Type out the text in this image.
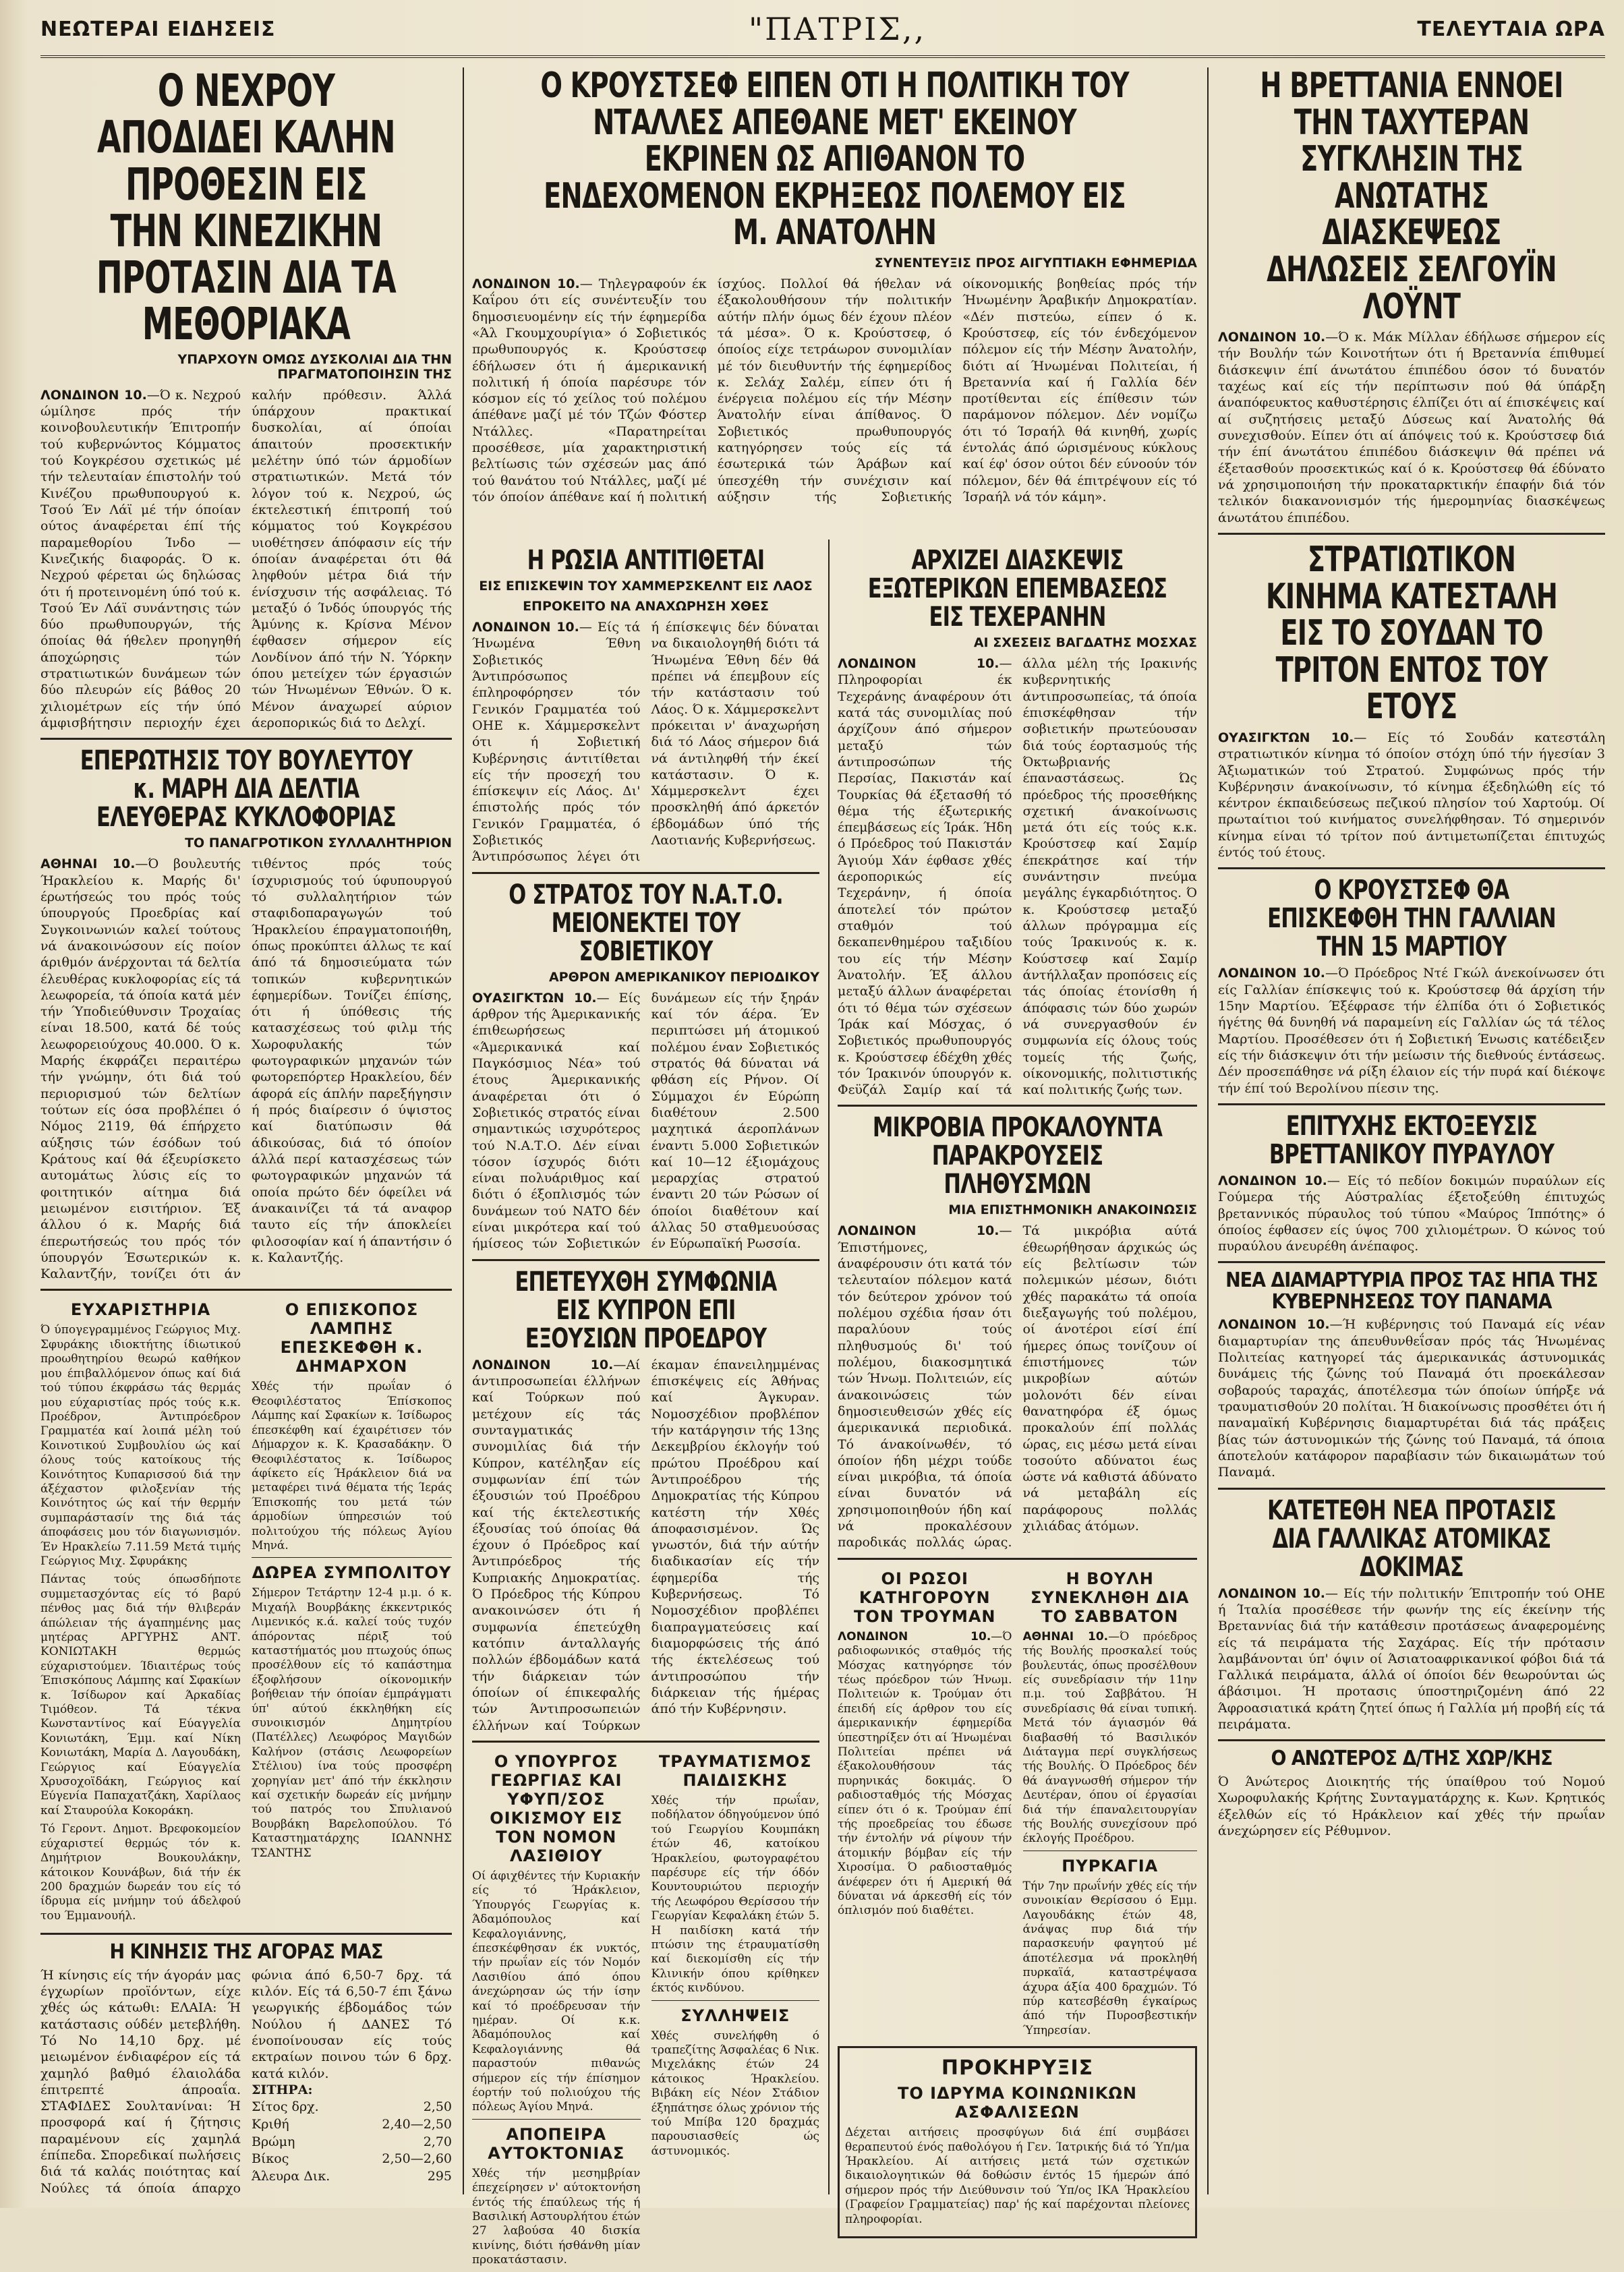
ΝΕΩΤΕΡΑΙ ΕΙΔΗΣΕΙΣ	"ΠΑΤΡΙΣ,,	ΤΕΛΕΥΤΑΙΑ ΩΡΑ
Ο ΝΕΧΡΟΥ ΑΠΟΔΙΔΕΙ ΚΑΛΗΝ ΠΡΟΘΕΣΙΝ ΕΙΣ ΤΗΝ ΚΙΝΕΖΙΚΗΝ ΠΡΟΤΑΣΙΝ ΔΙΑ ΤΑ ΜΕΘΟΡΙΑΚΑ
ΥΠΑΡΧΟΥΝ ΟΜΩΣ ΔΥΣΚΟΛΙΑΙ ΔΙΑ ΤΗΝ ΠΡΑΓΜΑΤΟΠΟΙΗΣΙΝ ΤΗΣ
ΛΟΝΔΙΝΟΝ 10.—Ό κ. Νεχρού ώμίλησε πρός τήν κοινοβουλευτικήν Έπιτροπήν τού κυβερνώντος Κόμματος τού Κογκρέσου σχετικώς μέ τήν τελευταίαν έπιστολήν τού Κινέζου πρωθυπουργού κ. Τσού Έν Λάϊ μέ τήν όποίαν ούτος άναφέρεται έπί τής παραμεθορίου Ίνδο — Κινεζικής διαφοράς. Ό κ. Νεχρού φέρεται ώς δηλώσας ότι ή προτεινομένη ύπό τού κ. Τσού Έν Λάϊ συνάντησις τών δύο πρωθυπουργών, τής όποίας θά ήθελεν προηγηθή άποχώρησις τών στρατιωτικών δυνάμεων τών δύο πλευρών είς βάθος 20 χιλιομέτρων είς τήν ύπό άμφισβήτησιν περιοχήν έχει καλήν πρόθεσιν. Άλλά ύπάρχουν πρακτικαί δυσκολίαι, αί όποίαι άπαιτούν προσεκτικήν μελέτην ύπό τών άρμοδίων στρατιωτικών. Μετά τόν λόγον τού κ. Νεχρού, ώς έκτελεστική έπιτροπή τού κόμματος τού Κογκρέσου υιοθέτησεν άπόφασιν είς τήν όποίαν άναφέρεται ότι θά ληφθούν μέτρα διά τήν ένίσχυσιν τής ασφάλειας. Τό μεταξύ ό Ίνδός ύπουργός τής Άμύνης κ. Κρίσνα Μένον έφθασεν σήμερον είς Λονδίνον άπό τήν Ν. Ύόρκην όπου μετείχεν τών έργασιών τών Ήνωμένων Έθνών. Ό κ. Μένον άναχωρεί αύριον άεροπορικώς διά το Δελχί.
ΕΠΕΡΩΤΗΣΙΣ ΤΟΥ ΒΟΥΛΕΥΤΟΥ κ. ΜΑΡΗ ΔΙΑ ΔΕΛΤΙΑ ΕΛΕΥΘΕΡΑΣ ΚΥΚΛΟΦΟΡΙΑΣ
ΤΟ ΠΑΝΑΓΡΟΤΙΚΟΝ ΣΥΛΛΑΛΗΤΗΡΙΟΝ
ΑΘΗΝΑΙ 10.—Ό βουλευτής Ήρακλείου κ. Μαρής δι' έρωτήσεώς του πρός τούς ύπουργούς Πρoεδρίας καί Συγκοινωνιών καλεί τούτους νά άνακοινώσουν είς ποίον άριθμόν άνέρχονται τά δελτία έλευθέρας κυκλοφορίας είς τά λεωφορεία, τά όποία κατά μέν τήν Ύποδιεύθυνσιν Τροχαίας είναι 18.500, κατά δέ τούς λεωφορειούχους 40.000. Ό κ. Μαρής έκφράζει περαιτέρω τήν γνώμην, ότι διά τού περιορισμού τών δελτίων τούτων είς όσα προβλέπει ό Νόμος 2119, θά έπήρχετο αύξησις τών έσόδων τού Κράτους καί θά έξευρίσκετο αυτομάτως λύσις είς το φοιτητικόν αίτημα διά μειωμένον εισιτήριον. Έξ άλλου ό κ. Μαρής διά έπερωτήσεώς του πρός τόν ύπουργόν Έσωτερικών κ. Καλαντζήν, τονίζει ότι άν τιθέντος πρός τούς ίσχυρισμούς τού ύφυπουργού τό συλλαλητήριον τών σταφιδοπαραγωγών τού Ήρακλείου έπραγματοποιήθη, όπως προκύπτει άλλως τε καί άπό τά δημοσιεύματα τών τοπικών κυβερνητικών έφημερίδων. Τονίζει έπίσης, ότι ή ύπόθεσις τής κατασχέσεως τού φιλμ τής Χωροφυλακής τών φωτογραφικών μηχανών τών φωτορεπόρτερ Ηρακλείου, δέν άφορά είς άπλήν παρεξήγησιν ή πρός διαίρεσιν ό ύψιστος καί διατύπωσιν θά άδικούσας, διά τό όποίον άλλά περί κατασχέσεως τών φωτογραφικών μηχανών τά οποία πρώτο δέν όφείλει νά άνακαινίζει τά τά αναφορ ταυτο είς τήν άποκλείει φιλοσοφίαν καί ή άπαντήσιν ό κ. Καλαντζής.
ΕΥΧΑΡΙΣΤΗΡΙΑ
Ό ύπογεγραμμένος Γεώργιος Μιχ. Σφυράκης ιδιοκτήτης ίδιωτικού προωθητηρίου θεωρώ καθήκον μου έπιβαλλόμενον όπως καί διά τού τύπου έκφράσω τάς θερμάς μου εύχαριστίας πρός τούς κ.κ. Προέδρον, Άντιπρόεδρον Γραμματέα καί λοιπά μέλη τού Κοινοτικού Συμβουλίου ώς καί όλους τούς κατοίκους τής Κοινότητος Κυπαρισσού διά την άξέχαστον φιλοξενίαν τής Κοινότητος ώς καί τήν θερμήν συμπαράστασίν της διά τάς άποφάσεις μου τόν διαγωνισμόν. Έν Ηρακλείω 7.11.59 Μετά τιμής Γεώργιος Μιχ. Σφυράκης
Πάντας τούς όπωσδήποτε συμμετασχόντας είς τό βαρύ πένθος μας διά τήν θλιβεράν άπώλειαν τής άγαπημένης μας μητέρας ΑΡΓΥΡΗΣ ΑΝΤ. ΚΟΝΙΩΤΑΚΗ θερμώς εύχαριστούμεν. Ίδιαιτέρως τούς Έπισκόπους Λάμπης καί Σφακίων κ. Ίσίδωρον καί Άρκαδίας Τιμόθεον. Τά τέκνα Κωνσταντίνος καί Εύαγγελία Κονιωτάκη, Έμμ. καί Νίκη Κονιωτάκη, Μαρία Δ. Λαγουδάκη, Γεώργιος καί Εύαγγελία Χρυσοχοϊδάκη, Γεώργιος καί Εύγενία Παπαχατζάκη, Χαρίλαος καί Σταυρούλα Κοκοράκη.
Τό Γεροντ. Δημοτ. Βρεφοκομείον εύχαριστεί θερμώς τόν κ. Δημήτριον Βουκουλάκην, κάτοικον Κουνάβων, διά τήν έκ 200 δραχμών δωρεάν του είς τό ίδρυμα είς μνήμην τού άδελφού του Έμμανουήλ.
Ο ΕΠΙΣΚΟΠΟΣ ΛΑΜΠΗΣ ΕΠΕΣΚΕΦΘΗ κ. ΔΗΜΑΡΧΟΝ
Χθές τήν πρωΐαν ό Θεοφιλέστατος Έπίσκοπος Λάμπης καί Σφακίων κ. Ίσίδωρος έπεσκέφθη καί έχαιρέτισεν τόν Δήμαρχον κ. Κ. Κρασαδάκην. Ό Θεοφιλέστατος κ. Ίσίδωρος άφίκετο είς Ήράκλειον διά να μεταφέρει τινά θέματα τής Ίεράς Έπισκοπής του μετά τών άρμοδίων ύπηρεσιών τού πολιτούχου τής πόλεως Άγίου Μηνά.
ΔΩΡΕΑ ΣΥΜΠΟΛΙΤΟΥ
Σήμερον Τετάρτην 12-4 μ.μ. ό κ. Μιχαήλ Βουρβάκης έκκεντρικός Λιμενικός κ.ά. καλεί τούς τυχόν άπόροντας πέριξ τού καταστήματός μου πτωχούς όπως προσέλθουν είς τό καπάστημα έξοφλήσουν οίκονομικήν βοήθειαν τήν όποίαν έμπράγματι ύπ' αύτού έκκληθήκη είς συνοικισμόν Δημητρίου (Πατέλλες) Λεωφόρος Μαγιδών Καλήνον (στάσις Λεωφορείων Στέλιου) ίνα τούς προσφέρη χορηγίαν μετ' άπό τήν έκκλησιν καί σχετικήν δωρεάν είς μνήμην τού πατρός του Σπυλιανού Βουρβάκη Βαρελοπούλου. Τό Καταστηματάρχης ΙΩΑΝΝΗΣ ΤΣΑΝΤΗΣ
Η ΚΙΝΗΣΙΣ ΤΗΣ ΑΓΟΡΑΣ ΜΑΣ
Ή κίνησις είς τήν άγοράν μας έγχωρίων προϊόντων, είχε χθές ώς κάτωθι: ΕΛΑΙΑ: Ή κατάστασις ούδέν μετεβλήθη. Τό Νο 14,10 δρχ. μέ μειωμένον ένδιαφέρον είς τά χαμηλό βαθμό έλαιολάδα έπιτρεπτέ άπροαΐα. ΣΤΑΦΙΔΕΣ Σουλτανίναι: Ή προσφορά καί ή ζήτησις παραμένουν είς χαμηλά έπίπεδα. Σπορεδικαί πωλήσεις διά τά καλάς ποιότητας καί Νούλες τά όποία άπαρχο φώνια άπό 6,50-7 δρχ. τά κιλόν. Είς τά 6,50-7 έπι ξάνω γεωργικής έβδομάδος τών Νούλου ή ΔΑΝΕΣ Τό ένοποίνουσαν είς τούς εκτραίων ποινου τών 6 δρχ. κατά κιλόν.
ΣΙΤΗΡΑ:
Σίτος δρχ.	2,50
Κριθή	2,40—2,50
Βρώμη	2,70
Βίκος	2,50—2,60
Άλευρα Δικ.	295
Ο ΚΡΟΥΣΤΣΕΦ ΕΙΠΕΝ ΟΤΙ Η ΠΟΛΙΤΙΚΗ ΤΟΥ ΝΤΑΛΛΕΣ ΑΠΕΘΑΝΕ ΜΕΤ' ΕΚΕΙΝΟΥ ΕΚΡΙΝΕΝ ΩΣ ΑΠΙΘΑΝΟΝ ΤΟ ΕΝΔΕΧΟΜΕΝΟΝ ΕΚΡΗΞΕΩΣ ΠΟΛΕΜΟΥ ΕΙΣ Μ. ΑΝΑΤΟΛΗΝ
ΣΥΝΕΝΤΕΥΞΙΣ ΠΡΟΣ ΑΙΓΥΠΤΙΑΚΗ ΕΦΗΜΕΡΙΔΑ
ΛΟΝΔΙΝΟΝ 10.— Τηλεγραφούν έκ Καΐρου ότι είς συνέντευξίν του δημοσιευομένην είς τήν έφημερίδα «Άλ Γκουμχουρίγια» ό Σοβιετικός πρωθυπουργός κ. Κρούστσεφ έδήλωσεν ότι ή άμερικανική πολιτική ή όποία παρέσυρε τόν κόσμον είς τό χείλος τού πολέμου άπέθανε μαζί μέ τόν Τζών Φόστερ Ντάλλες. «Παρατηρείται προσέθεσε, μία χαρακτηριστική βελτίωσις τών σχέσεών μας άπό τού θανάτου τού Ντάλλες, μαζί μέ τόν όποίον άπέθανε καί ή πολιτική ίσχύος. Πολλοί θά ήθελαν νά έξακολουθήσουν τήν πολιτικήν αύτήν πλήν όμως δέν έχουν πλέον τά μέσα». Ό κ. Κρούστσεφ, ό όποίος είχε τετράωρον συνομιλίαν μέ τόν διευθυντήν τής έφημερίδος κ. Σελάχ Σαλέμ, είπεν ότι ή ένέργεια πολέμου είς τήν Μέσην Άνατολήν είναι άπίθανος. Ό Σοβιετικός πρωθυπουργός κατηγόρησεν τούς είς τά έσωτερικά τών Άράβων καί ύπεσχέθη τήν συνέχισιν καί αύξησιν τής Σοβιετικής οίκονομικής βοηθείας πρός τήν Ήνωμένην Άραβικήν Δημοκρατίαν. «Δέν πιστεύω, είπεν ό κ. Κρούστσεφ, είς τόν ένδεχόμενον πόλεμον είς τήν Μέσην Άνατολήν, διότι αί Ήνωμέναι Πολιτείαι, ή Βρεταννία καί ή Γαλλία δέν προτίθενται είς έπίθεσιν τών παράμονον πόλεμον. Δέν νομίζω ότι τό Ίσραήλ θά κινηθή, χωρίς έντολάς άπό ώρισμένους κύκλους καί έφ' όσον ούτοι δέν εύνοούν τόν πόλεμον, δέν θά έπιτρέψουν είς τό Ίσραήλ νά τόν κάμη».
Η ΡΩΣΙΑ ΑΝΤΙΤΙΘΕΤΑΙ
ΕΙΣ ΕΠΙΣΚΕΨΙΝ ΤΟΥ ΧΑΜΜΕΡΣΚΕΛΝΤ ΕΙΣ ΛΑΟΣ
ΕΠΡΟΚΕΙΤΟ ΝΑ ΑΝΑΧΩΡΗΣΗ ΧΘΕΣ
ΛΟΝΔΙΝΟΝ 10.— Είς τά Ήνωμένα Έθνη Σοβιετικός Άντιπρόσωπος έπληροφόρησεν τόν Γενικόν Γραμματέα τού ΟΗΕ κ. Χάμμερσκελντ ότι ή Σοβιετική Κυβέρνησις άντιτίθεται είς τήν προσεχή του έπίσκεψιν είς Λάος. Δι' έπιστολής πρός τόν Γενικόν Γραμματέα, ό Σοβιετικός Άντιπρόσωπος λέγει ότι ή έπίσκεψις δέν δύναται να δικαιολογηθή διότι τά Ήνωμένα Έθνη δέν θά πρέπει νά έπεμβουν είς τήν κατάστασιν τού Λάος. Ό κ. Χάμμερσκελντ πρόκειται ν' άναχωρήση διά τό Λάος σήμερον διά νά άντιληφθή τήν έκεί κατάστασιν. Ό κ. Χάμμερσκελντ έχει προσκληθή άπό άρκετόν έβδομάδων ύπό τής Λαοτιανής Κυβερνήσεως.
Ο ΣΤΡΑΤΟΣ ΤΟΥ Ν.Α.Τ.Ο. ΜΕΙΟΝΕΚΤΕΙ ΤΟΥ ΣΟΒΙΕΤΙΚΟΥ
ΑΡΘΡΟΝ ΑΜΕΡΙΚΑΝΙΚΟΥ ΠΕΡΙΟΔΙΚΟΥ
ΟΥΑΣΙΓΚΤΩΝ 10.— Είς άρθρον τής Άμερικανικής έπιθεωρήσεως «Άμερικανικά καί Παγκόσμιος Νέα» τού έτους Άμερικανικής άναφέρεται ότι ό Σοβιετικός στρατός είναι σημαντικώς ισχυρότερος τού Ν.Α.Τ.Ο. Δέν είναι τόσον ίσχυρός διότι είναι πολυάριθμος καί διότι ό έξοπλισμός τών δυνάμεων τού ΝΑΤΟ δέν είναι μικρότερα καί τού ήμίσεος τών Σοβιετικών δυνάμεων είς τήν ξηράν καί τόν άέρα. Έν περιπτώσει μή άτομικού πολέμου έναν Σοβιετικός στρατός θά δύναται νά φθάση είς Ρήνον. Οί Σύμμαχοι έν Εύρώπη διαθέτουν 2.500 μαχητικά άεροπλάνων έναντι 5.000 Σοβιετικών καί 10—12 έξιομάχους μεραρχίας στρατού έναντι 20 τών Ρώσων οί όποίοι διαθέτουν καί άλλας 50 σταθμευούσας έν Εύρωπαϊκή Ρωσσία.
ΕΠΕΤΕΥΧΘΗ ΣΥΜΦΩΝΙΑ ΕΙΣ ΚΥΠΡΟΝ ΕΠΙ ΕΞΟΥΣΙΩΝ ΠΡΟΕΔΡΟΥ
ΛΟΝΔΙΝΟΝ 10.—Αί άντιπροσωπείαι έλλήνων καί Τούρκων πού μετέχουν είς τάς συνταγματικάς συνομιλίας διά τήν Κύπρον, κατέληξαν είς συμφωνίαν έπί τών έξουσιών τού Προέδρου καί τής έκτελεστικής έξουσίας τού όποίας θά έχουν ό Πρόεδρος καί Άντιπρόεδρος τής Κυπριακής Δημοκρατίας. Ό Πρόεδρος τής Κύπρου ανακοινώσεν ότι ή συμφωνία έπετεύχθη κατόπιν άνταλλαγής πολλών έβδομάδων κατά τήν διάρκειαν τών όποίων οί έπικεφαλής τών Άντιπροσωπειών έλλήνων καί Τούρκων έκαμαν έπανειλημμένας έπισκέψεις είς Άθήνας καί Άγκυραν. Νομοσχέδιον προβλέπον τήν κατάργησιν τής 13ης Δεκεμβρίου έκλογήν τού πρώτου Προέδρου καί Άντιπροέδρου τής Δημοκρατίας τής Κύπρου κατέστη τήν Χθές άποφασισμένον. Ώς γνωστόν, διά τήν αύτήν διαδικασίαν είς τήν έφημερίδα τής Κυβερνήσεως. Τό Νομοσχέδιον προβλέπει διαπραγματεύσεις καί διαμορφώσεις τής άπό τής έκτελέσεως τού άντιπροσώπου τήν διάρκειαν τής ήμέρας άπό τήν Κυβέρνησιν.
Ο ΥΠΟΥΡΓΟΣ ΓΕΩΡΓΙΑΣ ΚΑΙ ΥΦΥΠ/ΣΟΣ ΟΙΚΙΣΜΟΥ ΕΙΣ ΤΟΝ ΝΟΜΟΝ ΛΑΣΙΘΙΟΥ
Οί άφιχθέντες τήν Κυριακήν είς τό Ήράκλειον, Ύπουργός Γεωργίας κ. Άδαμόπουλος καί Κεφαλογιάννης, έπεσκέφθησαν έκ νυκτός, τήν πρωΐαν είς τόν Νομόν Λασιθίου άπό όπου άνεχώρησαν ώς τήν ίσην καί τό προέδρευσαν τήν ημέραν. Οί κ.κ. Άδαμόπουλος καί Κεφαλογιάννης θά παραστούν πιθανώς σήμερον είς τήν έπίσημον έορτήν τού πολιούχου τής πόλεως Άγίου Μηνά.
ΑΠΟΠΕΙΡΑ ΑΥΤΟΚΤΟΝΙΑΣ
Χθές τήν μεσημβρίαν έπεχείρησεν ν' αύτοκτονήση έντός τής έπαύλεως τής ή Βασιλική Αστουρλήτου έτών 27 λαβούσα 40 δισκία κινίνης, διότι ήσθάνθη μίαν προκατάστασιν.
ΤΡΑΥΜΑΤΙΣΜΟΣ ΠΑΙΔΙΣΚΗΣ
Χθές τήν πρωΐαν, ποδήλατον όδηγούμενον ύπό τού Γεωργίου Κουμπάκη έτών 46, κατοίκου Ήρακλείου, φωτογραφέτου παρέσυρε είς τήν όδόν Κουντουριώτου περιοχήν τής Λεωφόρου Θερίσσου τήν Γεωργίαν Κεφαλάκη έτών 5. Η παιδίσκη κατά τήν πτώσιν της έτραυματίσθη καί διεκομίσθη είς τήν Κλινικήν όπου κρίθηκεν έκτός κινδύνου.
ΣΥΛΛΗΨΕΙΣ
Χθές συνελήφθη ό τραπεζίτης Άσφαλέας 6 Νικ. Μιχελάκης έτών 24 κάτοικος Ήρακλείου. Βιβάκη είς Νέον Στάδιον έξηπάτησε όλως χρόνιον τής τού Μπίβα 120 δραχμάς παρουσιασθείς ώς άστυνομικός.
ΑΡΧΙΖΕΙ ΔΙΑΣΚΕΨΙΣ ΕΞΩΤΕΡΙΚΩΝ ΕΠΕΜΒΑΣΕΩΣ ΕΙΣ ΤΕΧΕΡΑΝΗΝ
ΑΙ ΣΧΕΣΕΙΣ ΒΑΓΔΑΤΗΣ ΜΟΣΧΑΣ
ΛΟΝΔΙΝΟΝ 10.—Πληροφορίαι έκ Τεχεράνης άναφέρουν ότι κατά τάς συνομιλίας πού άρχίζουν άπό σήμερον μεταξύ τών άντιπροσώπων τής Περσίας, Πακιστάν καί Τουρκίας θά έξετασθή τό θέμα τής έξωτερικής έπεμβάσεως είς Ίράκ. Ήδη ό Πρόεδρος τού Πακιστάν Άγιούμ Χάν έφθασε χθές άεροπορικώς είς Τεχεράνην, ή όποία άποτελεί τόν πρώτον σταθμόν τού δεκαπενθημέρου ταξιδίου του είς τήν Μέσην Άνατολήν. Έξ άλλου μεταξύ άλλων άναφέρεται ότι τό θέμα τών σχέσεων Ίράκ καί Μόσχας, ό Σοβιετικός πρωθυπουργός κ. Κρούστσεφ έδέχθη χθές τόν Ίρακινόν ύπουργόν κ. Φεϋζάλ Σαμίρ καί τά άλλα μέλη τής Ιρακινής κυβερνητικής άντιπροσωπείας, τά όποία έπισκέφθησαν τήν σοβιετικήν πρωτεύουσαν διά τούς έορτασμούς τής Όκτωβριανής έπαναστάσεως. Ώς πρόεδρος τής προσεθήκης σχετική άνακοίνωσις μετά ότι είς τούς κ.κ. Κρούστσεφ καί Σαμίρ έπεκράτησε καί τήν συνάντησιν πνεύμα μεγάλης έγκαρδιότητος. Ό κ. Κρούστσεφ μεταξύ άλλων πρόγραμμα είς τούς Ίρακινούς κ. κ. Κούστσεφ καί Σαμίρ άντήλλαξαν προπόσεις είς τάς όποίας έτονίσθη ή άπόφασις τών δύο χωρών νά συνεργασθούν έν συμφωνία είς όλους τούς τομείς τής ζωής, οίκονομικής, πολιτιστικής καί πολιτικής ζωής των.
ΜΙΚΡΟΒΙΑ ΠΡΟΚΑΛΟΥΝΤΑ ΠΑΡΑΚΡΟΥΣΕΙΣ ΠΛΗΘΥΣΜΩΝ
ΜΙΑ ΕΠΙΣΤΗΜΟΝΙΚΗ ΑΝΑΚΟΙΝΩΣΙΣ
ΛΟΝΔΙΝΟΝ 10.—Έπιστήμονες, άναφέρουσιν ότι κατά τόν τελευταίον πόλεμον κατά τόν δεύτερον χρόνον τού πολέμου σχέδια ήσαν ότι παραλύουν τούς πληθυσμούς δι' τού πολέμου, διακοσμητικά τών Ήνωμ. Πολιτειών, είς άνακοινώσεις τών δημοσιευθεισών χθές είς άμερικανικά περιοδικά. Τό άνακοίνωθέν, τό όποίον ήδη μέχρι τούδε είναι μικρόβια, τά όποία είναι δυνατόν νά χρησιμοποιηθούν ήδη καί νά προκαλέσουν παροδικάς πολλάς ώρας. Τά μικρόβια αύτά έθεωρήθησαν άρχικώς ώς είς βελτίωσιν τών πολεμικών μέσων, διότι χθές παρακάτω τά οποία διεξαγωγής τού πολέμου, οί άνοτέροι είσί έπί ήμερες όπως τονίζουν οί έπιστήμονες τών μικροβίων αύτών μολονότι δέν είναι θανατηφόρα έξ όμως προκαλούν έπί πολλάς ώρας, εις μέσω μετά είναι τοσούτο αδύνατοι έως ώστε νά καθιστά άδύνατο νά μεταβάλη είς παράφορους πολλάς χιλιάδας άτόμων.
ΟΙ ΡΩΣΟΙ ΚΑΤΗΓΟΡΟΥΝ ΤΟΝ ΤΡΟΥΜΑΝ
ΛΟΝΔΙΝΟΝ 10.—Ό ραδιοφωνικός σταθμός τής Μόσχας κατηγόρησε τόν τέως πρόεδρον τών Ήνωμ. Πολιτειών κ. Τρούμαν ότι έπειδή είς άρθρον του είς άμερικανικήν έφημερίδα ύπεστηρίξεν ότι αί Ήνωμέναι Πολιτείαι πρέπει νά έξακολουθήσουν τάς πυρηνικάς δοκιμάς. Ό ραδιοσταθμός τής Μόσχας είπεν ότι ό κ. Τρούμαν έπί τής προεδρείας του έδωσε τήν έντολήν νά ρίψουν τήν άτομικήν βόμβαν είς τήν Χιροσίμα. Ό ραδιοσταθμός άνέφερεν ότι ή Αμερική θά δύναται νά άρκεσθή είς τόν όπλισμόν πού διαθέτει.
Η ΒΟΥΛΗ ΣΥΝΕΚΛΗΘΗ ΔΙΑ ΤΟ ΣΑΒΒΑΤΟΝ
ΑΘΗΝΑΙ 10.—Ό πρόεδρος τής Βουλής προσκαλεί τούς βουλευτάς, όπως προσέλθουν είς συνεδρίασιν τήν 11ην π.μ. τού Σαββάτου. Ή συνεδρίασις θά είναι τυπική. Μετά τόν άγιασμόν θά διαβασθή τό Βασιλικόν Διάταγμα περί συγκλήσεως τής Βουλής. Ό Πρόεδρος δέν θά άναγνωσθή σήμερον τήν Δευτέραν, όπου οί έργασίαι διά τήν έπαναλειτουργίαν τής Βουλής συνεχίσουν πρό έκλογής Προέδρου.
ΠΥΡΚΑΓΙΑ
Τήν 7ην πρωΐνήν χθές είς τήν συνοικίαν Θερίσσου ό Εμμ. Λαγουδάκης έτών 48, άνάψας πυρ διά τήν παρασκευήν φαγητού μέ άποτέλεσμα νά προκληθή πυρκαϊά, καταστρέψασα άχυρα άξία 400 δραχμών. Τό πύρ κατεσβέσθη έγκαίρως άπό τήν Πυροσβεστικήν Ύπηρεσίαν.
ΠΡΟΚΗΡΥΞΙΣ
ΤΟ ΙΔΡΥΜΑ ΚΟΙΝΩΝΙΚΩΝ ΑΣΦΑΛΙΣΕΩΝ
Δέχεται αιτήσεις προσφύγων διά έπί συμβάσει θεραπευτού ένός παθολόγου ή Γεν. Ίατρικής διά τό Ύπ/μα Ήρακλείου. Αί αιτήσεις μετά τών σχετικών δικαιολογητικών θά δοθώσιν έντός 15 ήμερών άπό σήμερον πρός τήν Διεύθυνσιν τού Ύπ/ος ΙΚΑ Ήρακλείου (Γραφείον Γραμματείας) παρ' ής καί παρέχονται πλείονες πληροφορίαι.
Η ΒΡΕΤΤΑΝΙΑ ΕΝΝΟΕΙ ΤΗΝ ΤΑΧΥΤΕΡΑΝ ΣΥΓΚΛΗΣΙΝ ΤΗΣ ΑΝΩΤΑΤΗΣ ΔΙΑΣΚΕΨΕΩΣ ΔΗΛΩΣΕΙΣ ΣΕΛΓΟΥΪΝ ΛΟΫΝΤ
ΛΟΝΔΙΝΟΝ 10.—Ό κ. Μάκ Μίλλαν έδήλωσε σήμερον είς τήν Βουλήν τών Κοινοτήτων ότι ή Βρεταννία έπιθυμεί διάσκεψιν έπί άνωτάτου έπιπέδου όσον τό δυνατόν ταχέως καί είς τήν περίπτωσιν πού θά ύπάρξη άναπόφευκτος καθυστέρησις έλπίζει ότι αί έπισκέψεις καί αί συζητήσεις μεταξύ Δύσεως καί Άνατολής θά συνεχισθούν. Είπεν ότι αί άπόψεις τού κ. Κρούστσεφ διά τήν έπί άνωτάτου έπιπέδου διάσκεψιν θά πρέπει νά έξετασθούν προσεκτικώς καί ό κ. Κρούστσεφ θά έδύνατο νά χρησιμοποιήση τήν προκαταρκτικήν έπαφήν διά τόν τελικόν διακανονισμόν τής ήμερομηνίας διασκέψεως άνωτάτου έπιπέδου.
ΣΤΡΑΤΙΩΤΙΚΟΝ ΚΙΝΗΜΑ ΚΑΤΕΣΤΑΛΗ ΕΙΣ ΤΟ ΣΟΥΔΑΝ ΤΟ ΤΡΙΤΟΝ ΕΝΤΟΣ ΤΟΥ ΕΤΟΥΣ
ΟΥΑΣΙΓΚΤΩΝ 10.— Είς τό Σουδάν κατεστάλη στρατιωτικόν κίνημα τό όποίον στόχη ύπό τήν ήγεσίαν 3 Άξιωματικών τού Στρατού. Συμφώνως πρός τήν Κυβέρνησιν άνακοίνωσιν, τό κίνημα έξεδηλώθη είς τό κέντρον έκπαιδεύσεως πεζικού πλησίον τού Χαρτούμ. Οί πρωταίτιοι τού κινήματος συνελήφθησαν. Τό σημερινόν κίνημα είναι τό τρίτον πού άντιμετωπίζεται έπιτυχώς έντός τού έτους.
Ο ΚΡΟΥΣΤΣΕΦ ΘΑ ΕΠΙΣΚΕΦΘΗ ΤΗΝ ΓΑΛΛΙΑΝ ΤΗΝ 15 ΜΑΡΤΙΟΥ
ΛΟΝΔΙΝΟΝ 10.—Ό Πρόεδρος Ντέ Γκώλ άνεκοίνωσεν ότι είς Γαλλίαν έπίσκεψις τού κ. Κρούστσεφ θά άρχίση τήν 15ην Μαρτίου. Έξέφρασε τήν έλπίδα ότι ό Σοβιετικός ήγέτης θά δυνηθή νά παραμείνη είς Γαλλίαν ώς τά τέλος Μαρτίου. Προσέθεσεν ότι ή Σοβιετική Ένωσις κατέδειξεν είς τήν διάσκεψιν ότι τήν μείωσιν τής διεθνούς έντάσεως. Δέν προσεπάθησε νά ρίξη έλαιον είς τήν πυρά καί διέκοψε τήν έπί τού Βερολίνου πίεσιν της.
ΕΠΙΤΥΧΗΣ ΕΚΤΟΞΕΥΣΙΣ ΒΡΕΤΤΑΝΙΚΟΥ ΠΥΡΑΥΛΟΥ
ΛΟΝΔΙΝΟΝ 10.— Είς τό πεδίον δοκιμών πυραύλων είς Γούμερα τής Αύστραλίας έξετοξεύθη έπιτυχώς βρεταννικός πύραυλος τού τύπου «Μαύρος Ίππότης» ό όποίος έφθασεν είς ύψος 700 χιλιομέτρων. Ό κώνος τού πυραύλου άνευρέθη άνέπαφος.
ΝΕΑ ΔΙΑΜΑΡΤΥΡΙΑ ΠΡΟΣ ΤΑΣ ΗΠΑ ΤΗΣ ΚΥΒΕΡΝΗΣΕΩΣ ΤΟΥ ΠΑΝΑΜΑ
ΛΟΝΔΙΝΟΝ 10.—Ή κυβέρνησις τού Παναμά είς νέαν διαμαρτυρίαν της άπευθυνθεΐσαν πρός τάς Ήνωμένας Πολιτείας κατηγορεί τάς άμερικανικάς άστυνομικάς δυνάμεις τής ζώνης τού Παναμά ότι προεκάλεσαν σοβαρούς ταραχάς, άποτέλεσμα τών όποίων ύπήρξε νά τραυματισθούν 20 πολίται. Ή διακοίνωσις προσθέτει ότι ή παναμαϊκή Κυβέρνησις διαμαρτυρέται διά τάς πράξεις βίας τών άστυνομικών τής ζώνης τού Παναμά, τά όποια άποτελούν κατάφορον παραβίασιν τών δικαιωμάτων τού Παναμά.
ΚΑΤΕΤΕΘΗ ΝΕΑ ΠΡΟΤΑΣΙΣ ΔΙΑ ΓΑΛΛΙΚΑΣ ΑΤΟΜΙΚΑΣ ΔΟΚΙΜΑΣ
ΛΟΝΔΙΝΟΝ 10.— Είς τήν πολιτικήν Έπιτροπήν τού ΟΗΕ ή Ίταλία προσέθεσε τήν φωνήν της είς έκείνην τής Βρεταννίας διά τήν κατάθεσιν προτάσεως άναφερομένης είς τά πειράματα τής Σαχάρας. Είς τήν πρότασιν λαμβάνονται ύπ' όψιν οί Άσιατοαφρικανικοί φόβοι διά τά Γαλλικά πειράματα, άλλά οί όποίοι δέν θεωρούνται ώς άβάσιμοι. Ή προτασις ύποστηριζομένη άπό 22 Άφροασιατικά κράτη ζητεί όπως ή Γαλλία μή προβή είς τά πειράματα.
Ο ΑΝΩΤΕΡΟΣ Δ/ΤΗΣ ΧΩΡ/ΚΗΣ
Ό Άνώτερος Διοικητής τής ύπαίθρου τού Νομού Χωροφυλακής Κρήτης Συνταγματάρχης κ. Κων. Κρητικός έξελθών είς τό Ηράκλειον καί χθές τήν πρωΐαν άνεχώρησεν είς Ρέθυμνον.
